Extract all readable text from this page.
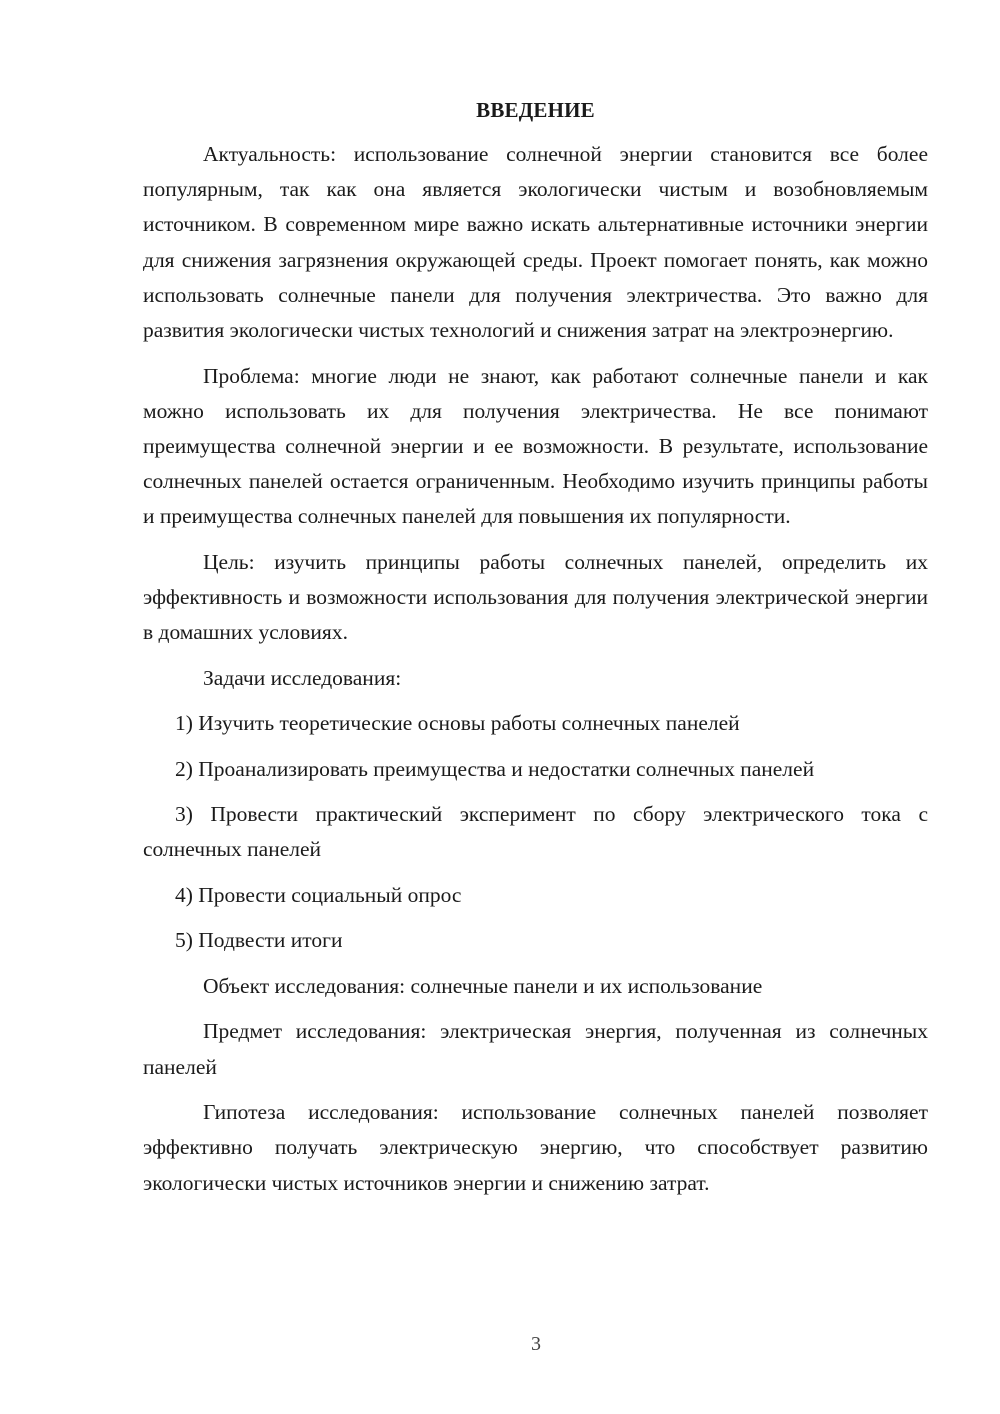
ВВЕДЕНИЕ

Актуальность: использование солнечной энергии становится все более популярным, так как она является экологически чистым и возобновляемым источником. В современном мире важно искать альтернативные источники энергии для снижения загрязнения окружающей среды. Проект помогает понять, как можно использовать солнечные панели для получения электричества. Это важно для развития экологически чистых технологий и снижения затрат на электроэнергию.

Проблема: многие люди не знают, как работают солнечные панели и как можно использовать их для получения электричества. Не все понимают преимущества солнечной энергии и ее возможности. В результате, использование солнечных панелей остается ограниченным. Необходимо изучить принципы работы и преимущества солнечных панелей для повышения их популярности.

Цель: изучить принципы работы солнечных панелей, определить их эффективность и возможности использования для получения электрической энергии в домашних условиях.

Задачи исследования:

1) Изучить теоретические основы работы солнечных панелей

2) Проанализировать преимущества и недостатки солнечных панелей

3) Провести практический эксперимент по сбору электрического тока с солнечных панелей

4) Провести социальный опрос

5) Подвести итоги

Объект исследования: солнечные панели и их использование

Предмет исследования: электрическая энергия, полученная из солнечных панелей

Гипотеза исследования: использование солнечных панелей позволяет эффективно получать электрическую энергию, что способствует развитию экологически чистых источников энергии и снижению затрат.

3
